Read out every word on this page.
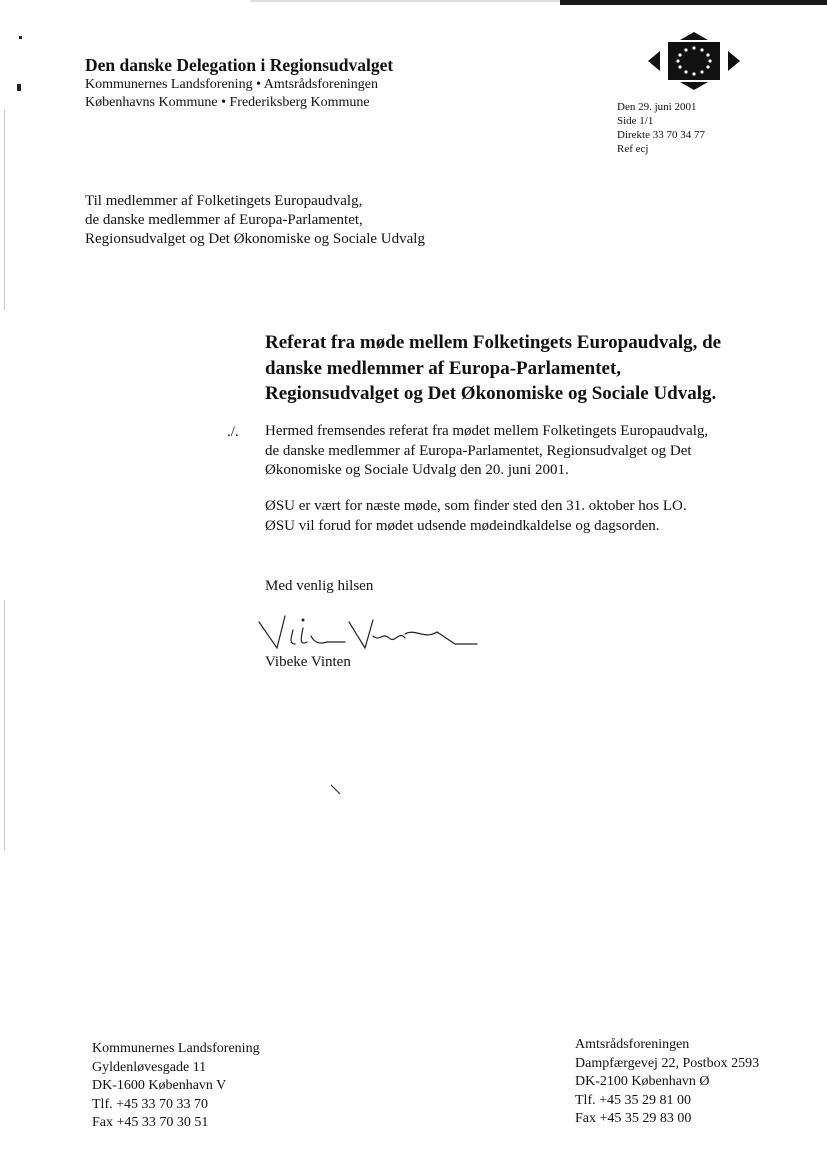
Den danske Delegation i Regionsudvalget
Kommunernes Landsforening • Amtsrådsforeningen
Københavns Kommune • Frederiksberg Kommune	Den 29. juni 2001
Side 1/1
Direkte 33 70 34 77
Ref ecj
Til medlemmer af Folketingets Europaudvalg,
de danske medlemmer af Europa-Parlamentet,
Regionsudvalget og Det Økonomiske og Sociale Udvalg
Referat fra møde mellem Folketingets Europaudvalg, de
danske medlemmer af Europa-Parlamentet,
Regionsudvalget og Det Økonomiske og Sociale Udvalg.
./. Hermed fremsendes referat fra mødet mellem Folketingets Europaudvalg,
de danske medlemmer af Europa-Parlamentet, Regionsudvalget og Det
Økonomiske og Sociale Udvalg den 20. juni 2001.
ØSU er vært for næste møde, som finder sted den 31. oktober hos LO.
ØSU vil forud for mødet udsende mødeindkaldelse og dagsorden.
Med venlig hilsen
Vibeke Vinten
Kommunernes Landsforening
Gyldenløvesgade 11
DK-1600 København V
Tlf. +45 33 70 33 70
Fax +45 33 70 30 51
Amtsrådsforeningen
Dampfærgevej 22, Postbox 2593
DK-2100 København Ø
Tlf. +45 35 29 81 00
Fax +45 35 29 83 00
